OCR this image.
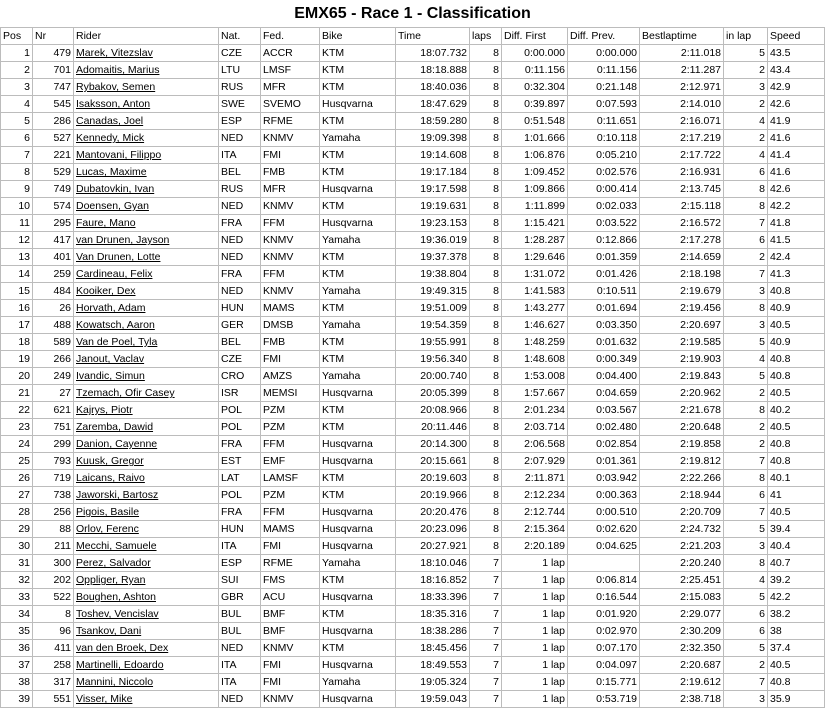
EMX65 - Race 1 - Classification
Pos	Nr	Rider	Nat.	Fed.	Bike	Time	laps	Diff. First	Diff. Prev.	Bestlaptime	in lap	Speed
1	479	Marek, Vitezslav	CZE	ACCR	KTM	18:07.732	8	0:00.000	0:00.000	2:11.018	5	43.5
2	701	Adomaitis, Marius	LTU	LMSF	KTM	18:18.888	8	0:11.156	0:11.156	2:11.287	2	43.4
3	747	Rybakov, Semen	RUS	MFR	KTM	18:40.036	8	0:32.304	0:21.148	2:12.971	3	42.9
4	545	Isaksson, Anton	SWE	SVEMO	Husqvarna	18:47.629	8	0:39.897	0:07.593	2:14.010	2	42.6
5	286	Canadas, Joel	ESP	RFME	KTM	18:59.280	8	0:51.548	0:11.651	2:16.071	4	41.9
6	527	Kennedy, Mick	NED	KNMV	Yamaha	19:09.398	8	1:01.666	0:10.118	2:17.219	2	41.6
7	221	Mantovani, Filippo	ITA	FMI	KTM	19:14.608	8	1:06.876	0:05.210	2:17.722	4	41.4
8	529	Lucas, Maxime	BEL	FMB	KTM	19:17.184	8	1:09.452	0:02.576	2:16.931	6	41.6
9	749	Dubatovkin, Ivan	RUS	MFR	Husqvarna	19:17.598	8	1:09.866	0:00.414	2:13.745	8	42.6
10	574	Doensen, Gyan	NED	KNMV	KTM	19:19.631	8	1:11.899	0:02.033	2:15.118	8	42.2
11	295	Faure, Mano	FRA	FFM	Husqvarna	19:23.153	8	1:15.421	0:03.522	2:16.572	7	41.8
12	417	van Drunen, Jayson	NED	KNMV	Yamaha	19:36.019	8	1:28.287	0:12.866	2:17.278	6	41.5
13	401	Van Drunen, Lotte	NED	KNMV	KTM	19:37.378	8	1:29.646	0:01.359	2:14.659	2	42.4
14	259	Cardineau, Felix	FRA	FFM	KTM	19:38.804	8	1:31.072	0:01.426	2:18.198	7	41.3
15	484	Kooiker, Dex	NED	KNMV	Yamaha	19:49.315	8	1:41.583	0:10.511	2:19.679	3	40.8
16	26	Horvath, Adam	HUN	MAMS	KTM	19:51.009	8	1:43.277	0:01.694	2:19.456	8	40.9
17	488	Kowatsch, Aaron	GER	DMSB	Yamaha	19:54.359	8	1:46.627	0:03.350	2:20.697	3	40.5
18	589	Van de Poel, Tyla	BEL	FMB	KTM	19:55.991	8	1:48.259	0:01.632	2:19.585	5	40.9
19	266	Janout, Vaclav	CZE	FMI	KTM	19:56.340	8	1:48.608	0:00.349	2:19.903	4	40.8
20	249	Ivandic, Simun	CRO	AMZS	Yamaha	20:00.740	8	1:53.008	0:04.400	2:19.843	5	40.8
21	27	Tzemach, Ofir Casey	ISR	MEMSI	Husqvarna	20:05.399	8	1:57.667	0:04.659	2:20.962	2	40.5
22	621	Kajrys, Piotr	POL	PZM	KTM	20:08.966	8	2:01.234	0:03.567	2:21.678	8	40.2
23	751	Zaremba, Dawid	POL	PZM	KTM	20:11.446	8	2:03.714	0:02.480	2:20.648	2	40.5
24	299	Danion, Cayenne	FRA	FFM	Husqvarna	20:14.300	8	2:06.568	0:02.854	2:19.858	2	40.8
25	793	Kuusk, Gregor	EST	EMF	Husqvarna	20:15.661	8	2:07.929	0:01.361	2:19.812	7	40.8
26	719	Laicans, Raivo	LAT	LAMSF	KTM	20:19.603	8	2:11.871	0:03.942	2:22.266	8	40.1
27	738	Jaworski, Bartosz	POL	PZM	KTM	20:19.966	8	2:12.234	0:00.363	2:18.944	6	41
28	256	Pigois, Basile	FRA	FFM	Husqvarna	20:20.476	8	2:12.744	0:00.510	2:20.709	7	40.5
29	88	Orlov, Ferenc	HUN	MAMS	Husqvarna	20:23.096	8	2:15.364	0:02.620	2:24.732	5	39.4
30	211	Mecchi, Samuele	ITA	FMI	Husqvarna	20:27.921	8	2:20.189	0:04.625	2:21.203	3	40.4
31	300	Perez, Salvador	ESP	RFME	Yamaha	18:10.046	7	1 lap		2:20.240	8	40.7
32	202	Oppliger, Ryan	SUI	FMS	KTM	18:16.852	7	1 lap	0:06.814	2:25.451	4	39.2
33	522	Boughen, Ashton	GBR	ACU	Husqvarna	18:33.396	7	1 lap	0:16.544	2:15.083	5	42.2
34	8	Toshev, Vencislav	BUL	BMF	KTM	18:35.316	7	1 lap	0:01.920	2:29.077	6	38.2
35	96	Tsankov, Dani	BUL	BMF	Husqvarna	18:38.286	7	1 lap	0:02.970	2:30.209	6	38
36	411	van den Broek, Dex	NED	KNMV	KTM	18:45.456	7	1 lap	0:07.170	2:32.350	5	37.4
37	258	Martinelli, Edoardo	ITA	FMI	Husqvarna	18:49.553	7	1 lap	0:04.097	2:20.687	2	40.5
38	317	Mannini, Niccolo	ITA	FMI	Yamaha	19:05.324	7	1 lap	0:15.771	2:19.612	7	40.8
39	551	Visser, Mike	NED	KNMV	Husqvarna	19:59.043	7	1 lap	0:53.719	2:38.718	3	35.9
